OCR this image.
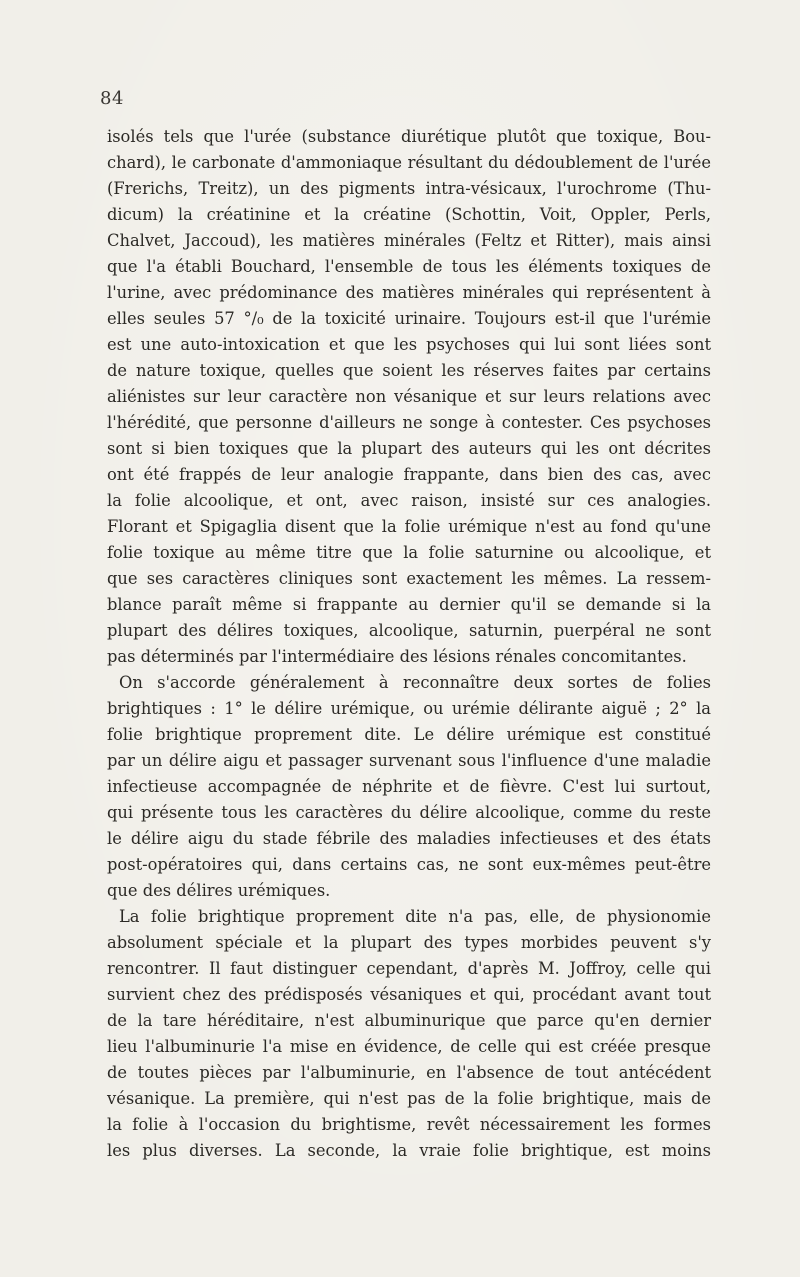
84
isolés tels que l'urée (substance diurétique plutôt que toxique, Bou-
chard), le carbonate d'ammoniaque résultant du dédoublement de l'urée
(Frerichs, Treitz), un des pigments intra-vésicaux, l'urochrome (Thu-
dicum) la créatinine et la créatine (Schottin, Voit, Oppler, Perls,
Chalvet, Jaccoud), les matières minérales (Feltz et Ritter), mais ainsi
que l'a établi Bouchard, l'ensemble de tous les éléments toxiques de
l'urine, avec prédominance des matières minérales qui représentent à
elles seules 57 °/₀ de la toxicité urinaire. Toujours est-il que l'urémie
est une auto-intoxication et que les psychoses qui lui sont liées sont
de nature toxique, quelles que soient les réserves faites par certains
aliénistes sur leur caractère non vésanique et sur leurs relations avec
l'hérédité, que personne d'ailleurs ne songe à contester. Ces psychoses
sont si bien toxiques que la plupart des auteurs qui les ont décrites
ont été frappés de leur analogie frappante, dans bien des cas, avec
la folie alcoolique, et ont, avec raison, insisté sur ces analogies.
Florant et Spigaglia disent que la folie urémique n'est au fond qu'une
folie toxique au même titre que la folie saturnine ou alcoolique, et
que ses caractères cliniques sont exactement les mêmes. La ressem-
blance paraît même si frappante au dernier qu'il se demande si la
plupart des délires toxiques, alcoolique, saturnin, puerpéral ne sont
pas déterminés par l'intermédiaire des lésions rénales concomitantes.
On s'accorde généralement à reconnaître deux sortes de folies
brightiques : 1° le délire urémique, ou urémie délirante aiguë ; 2° la
folie brightique proprement dite. Le délire urémique est constitué
par un délire aigu et passager survenant sous l'influence d'une maladie
infectieuse accompagnée de néphrite et de fièvre. C'est lui surtout,
qui présente tous les caractères du délire alcoolique, comme du reste
le délire aigu du stade fébrile des maladies infectieuses et des états
post-opératoires qui, dans certains cas, ne sont eux-mêmes peut-être
que des délires urémiques.
La folie brightique proprement dite n'a pas, elle, de physionomie
absolument spéciale et la plupart des types morbides peuvent s'y
rencontrer. Il faut distinguer cependant, d'après M. Joffroy, celle qui
survient chez des prédisposés vésaniques et qui, procédant avant tout
de la tare héréditaire, n'est albuminurique que parce qu'en dernier
lieu l'albuminurie l'a mise en évidence, de celle qui est créée presque
de toutes pièces par l'albuminurie, en l'absence de tout antécédent
vésanique. La première, qui n'est pas de la folie brightique, mais de
la folie à l'occasion du brightisme, revêt nécessairement les formes
les plus diverses. La seconde, la vraie folie brightique, est moins
